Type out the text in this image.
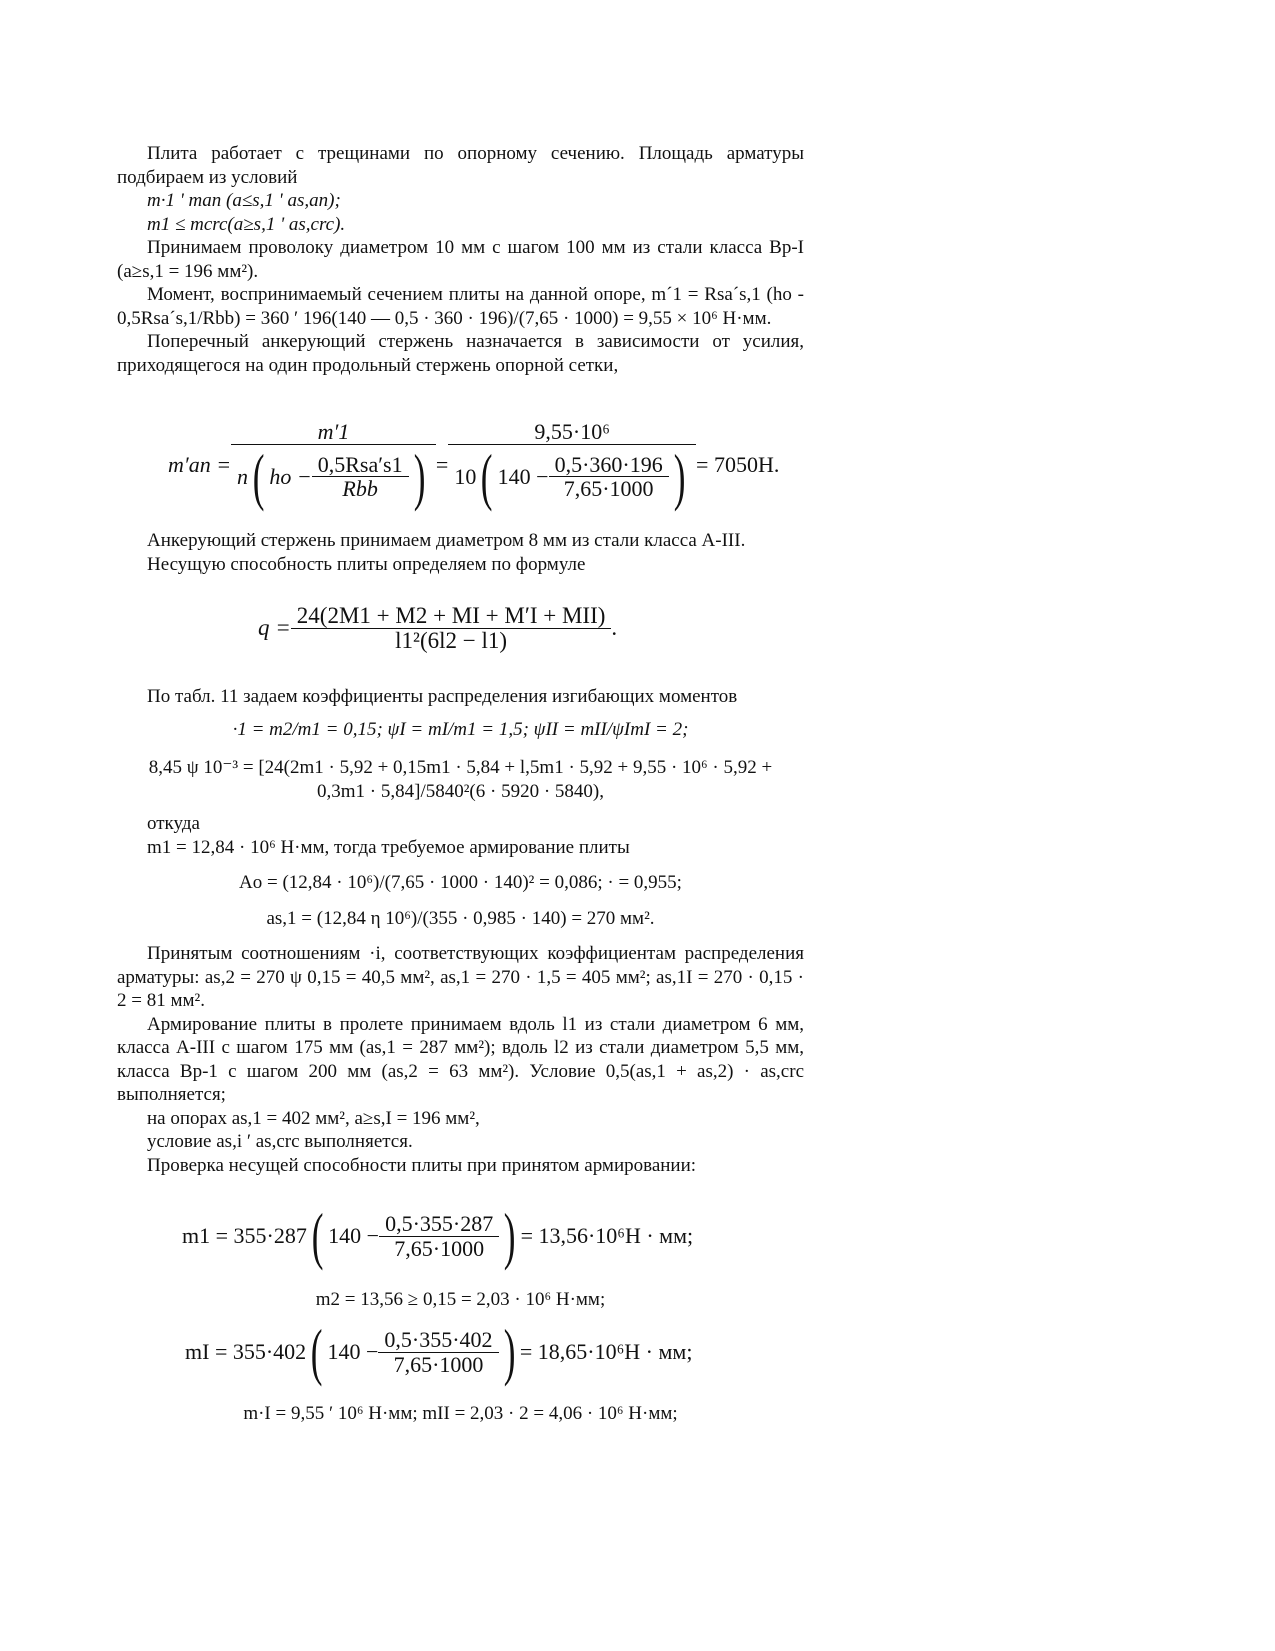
Плита работает с трещинами по опорному сечению. Площадь арматуры подбираем из условий

m·1 ʹ man (a≤s,1 ʹ as,an);

m1 ≤ mcrc(a≥s,1 ʹ as,crc).

Принимаем проволоку диаметром 10 мм с шагом 100 мм из стали класса Вр-I (a≥s,1 = 196 мм²).

Момент, воспринимаемый сечением плиты на данной опоре, m´1 = Rsa´s,1 (ho - 0,5Rsa´s,1/Rbb) = 360 ʹ 196(140 — 0,5 · 360 · 196)/(7,65 · 1000) = 9,55 × 10⁶ Н·мм.

Поперечный анкерующий стержень назначается в зависимости от усилия, приходящегося на один продольный стержень опорной сетки,

m′an =
m′1
n ( ho − $\frac{\text{0,5Rsa′s1}}{\text{Rbb}}$ ) =
9,55·10⁶
10 ( $140 - \frac{0,5\cdot 360\cdot 196}{7,65\cdot 1000}$ ) = 7050H.

Анкерующий стержень принимаем диаметром 8 мм из стали класса А-III.

Несущую способность плиты определяем по формуле

$q = \frac{\text{24(2M1 + M2 + MI + M′I + MII)}}{\text{l1²(6l2 − l1)}}$ .

По табл. 11 задаем коэффициенты распределения изгибающих моментов

·1 = m2/m1 = 0,15; ψI = mI/m1 = 1,5; ψII = mII/ψImI = 2;

8,45 ψ 10⁻³ = [24(2m1 · 5,92 + 0,15m1 · 5,84 + l,5m1 · 5,92 + 9,55 · 10⁶ · 5,92 +

0,3m1 · 5,84]/5840²(6 · 5920 · 5840),

откуда

m1 = 12,84 · 10⁶ Н·мм, тогда требуемое армирование плиты

Ao = (12,84 · 10⁶)/(7,65 · 1000 · 140)² = 0,086; · = 0,955;

as,1 = (12,84 η 10⁶)/(355 · 0,985 · 140) = 270 мм².

Принятым соотношениям ·i, соответствующих коэффициентам распределения арматуры: as,2 = 270 ψ 0,15 = 40,5 мм², as,1 = 270 · 1,5 = 405 мм²; as,1I = 270 · 0,15 · 2 = 81 мм².

Армирование плиты в пролете принимаем вдоль l1 из стали диаметром 6 мм, класса А-III с шагом 175 мм (as,1 = 287 мм²); вдоль l2 из стали диаметром 5,5 мм, класса Вр-1 с шагом 200 мм (as,2 = 63 мм²). Условие 0,5(as,1 + as,2) · as,crc выполняется;

на опорах as,1 = 402 мм², a≥s,I = 196 мм²,

условие as,i ʹ as,crc выполняется.

Проверка несущей способности плиты при принятом армировании:

m1 = 355·287 ( $140 - \frac{0,5\cdot 355\cdot 287}{7,65\cdot 1000}$ ) = 13,56·10⁶H · мм;

m2 = 13,56 ≥ 0,15 = 2,03 · 10⁶ Н·мм;

mI = 355·402 ( $140 - \frac{0,5\cdot 355\cdot 402}{7,65\cdot 1000}$ ) = 18,65·10⁶H · мм;

m·I = 9,55 ʹ 10⁶ Н·мм; mII = 2,03 · 2 = 4,06 · 10⁶ Н·мм;
